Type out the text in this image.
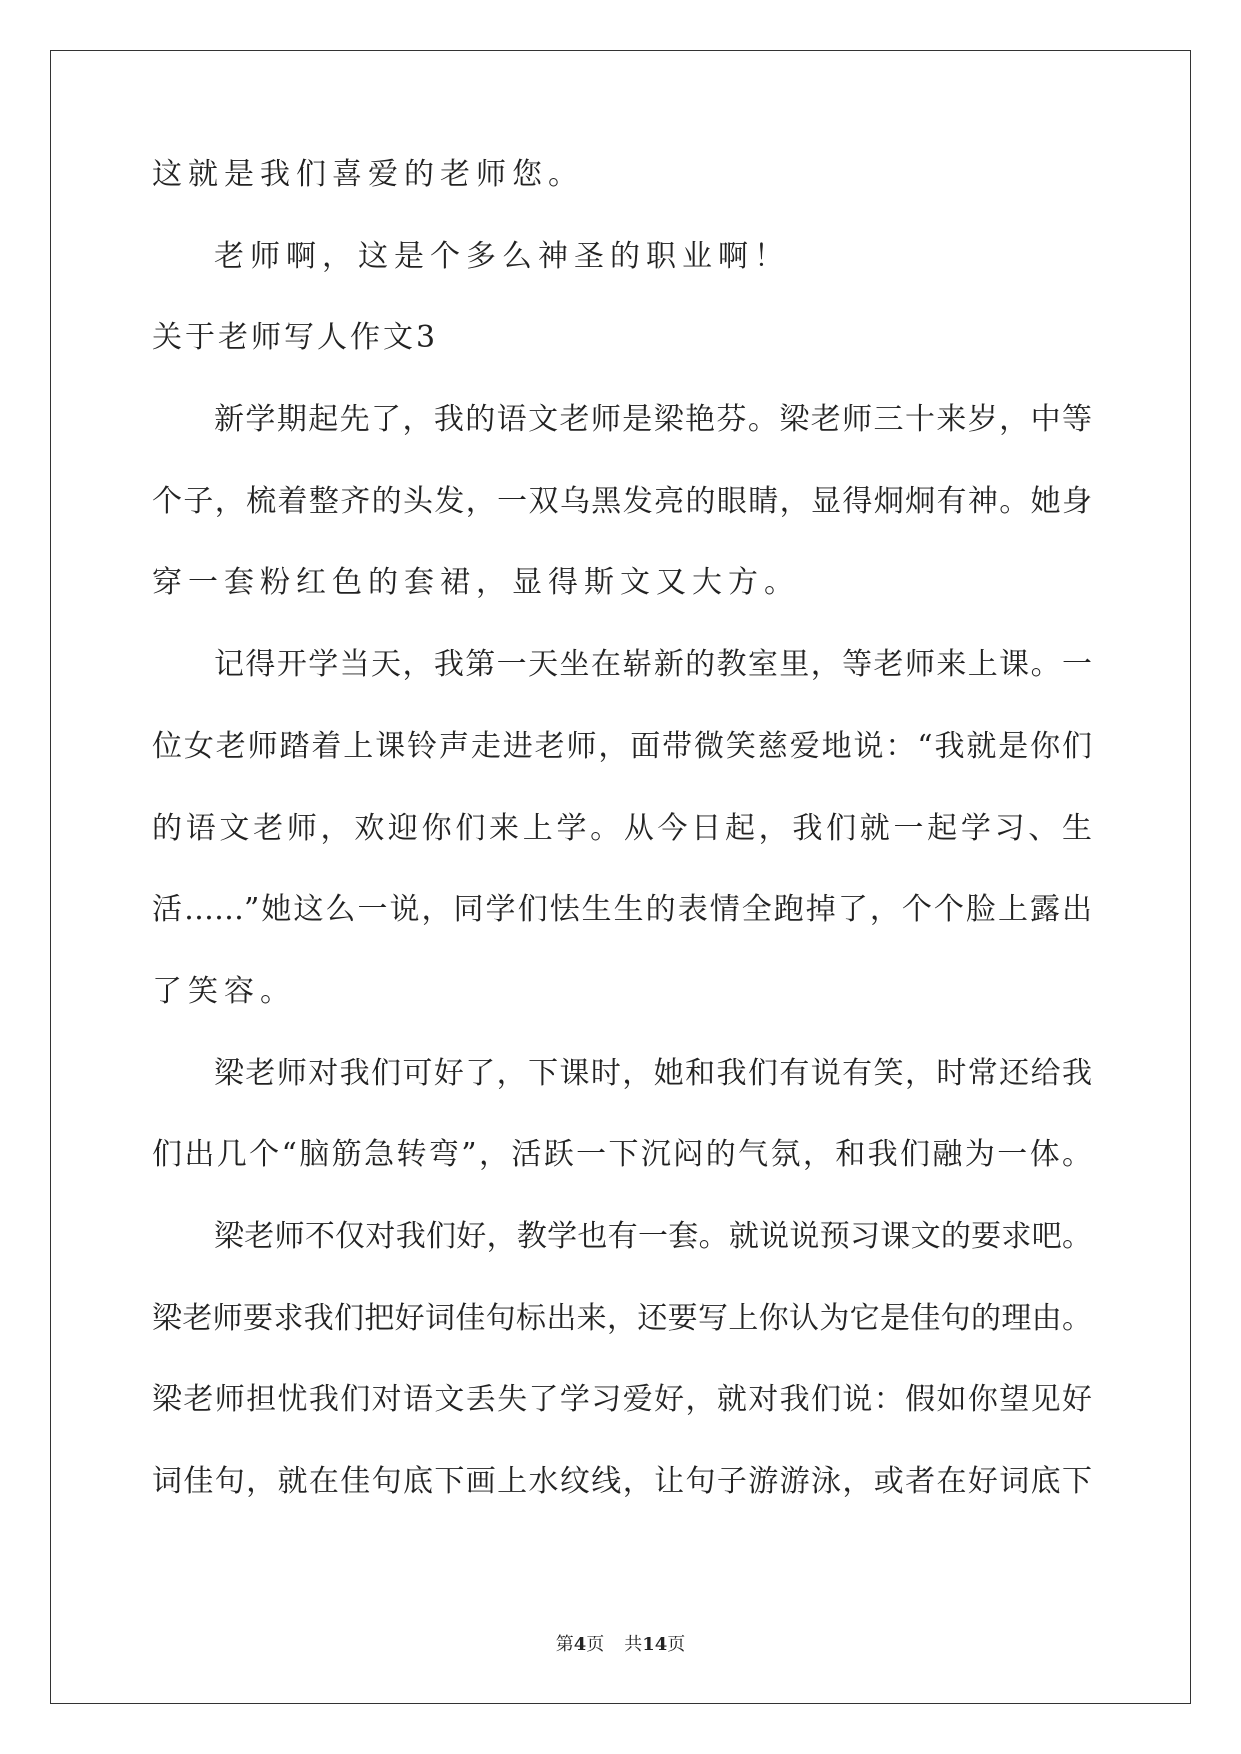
这就是我们喜爱的老师您。
老师啊，这是个多么神圣的职业啊！
关于老师写人作文3
新学期起先了，我的语文老师是梁艳芬。梁老师三十来岁，中等
个子，梳着整齐的头发，一双乌黑发亮的眼睛，显得炯炯有神。她身
穿一套粉红色的套裙，显得斯文又大方。
记得开学当天，我第一天坐在崭新的教室里，等老师来上课。一
位女老师踏着上课铃声走进老师，面带微笑慈爱地说：“我就是你们
的语文老师，欢迎你们来上学。从今日起，我们就一起学习、生
活……”她这么一说，同学们怯生生的表情全跑掉了，个个脸上露出
了笑容。
梁老师对我们可好了，下课时，她和我们有说有笑，时常还给我
们出几个“脑筋急转弯”，活跃一下沉闷的气氛，和我们融为一体。
梁老师不仅对我们好，教学也有一套。就说说预习课文的要求吧。
梁老师要求我们把好词佳句标出来，还要写上你认为它是佳句的理由。
梁老师担忧我们对语文丢失了学习爱好，就对我们说：假如你望见好
词佳句，就在佳句底下画上水纹线，让句子游游泳，或者在好词底下
第4页 共14页
